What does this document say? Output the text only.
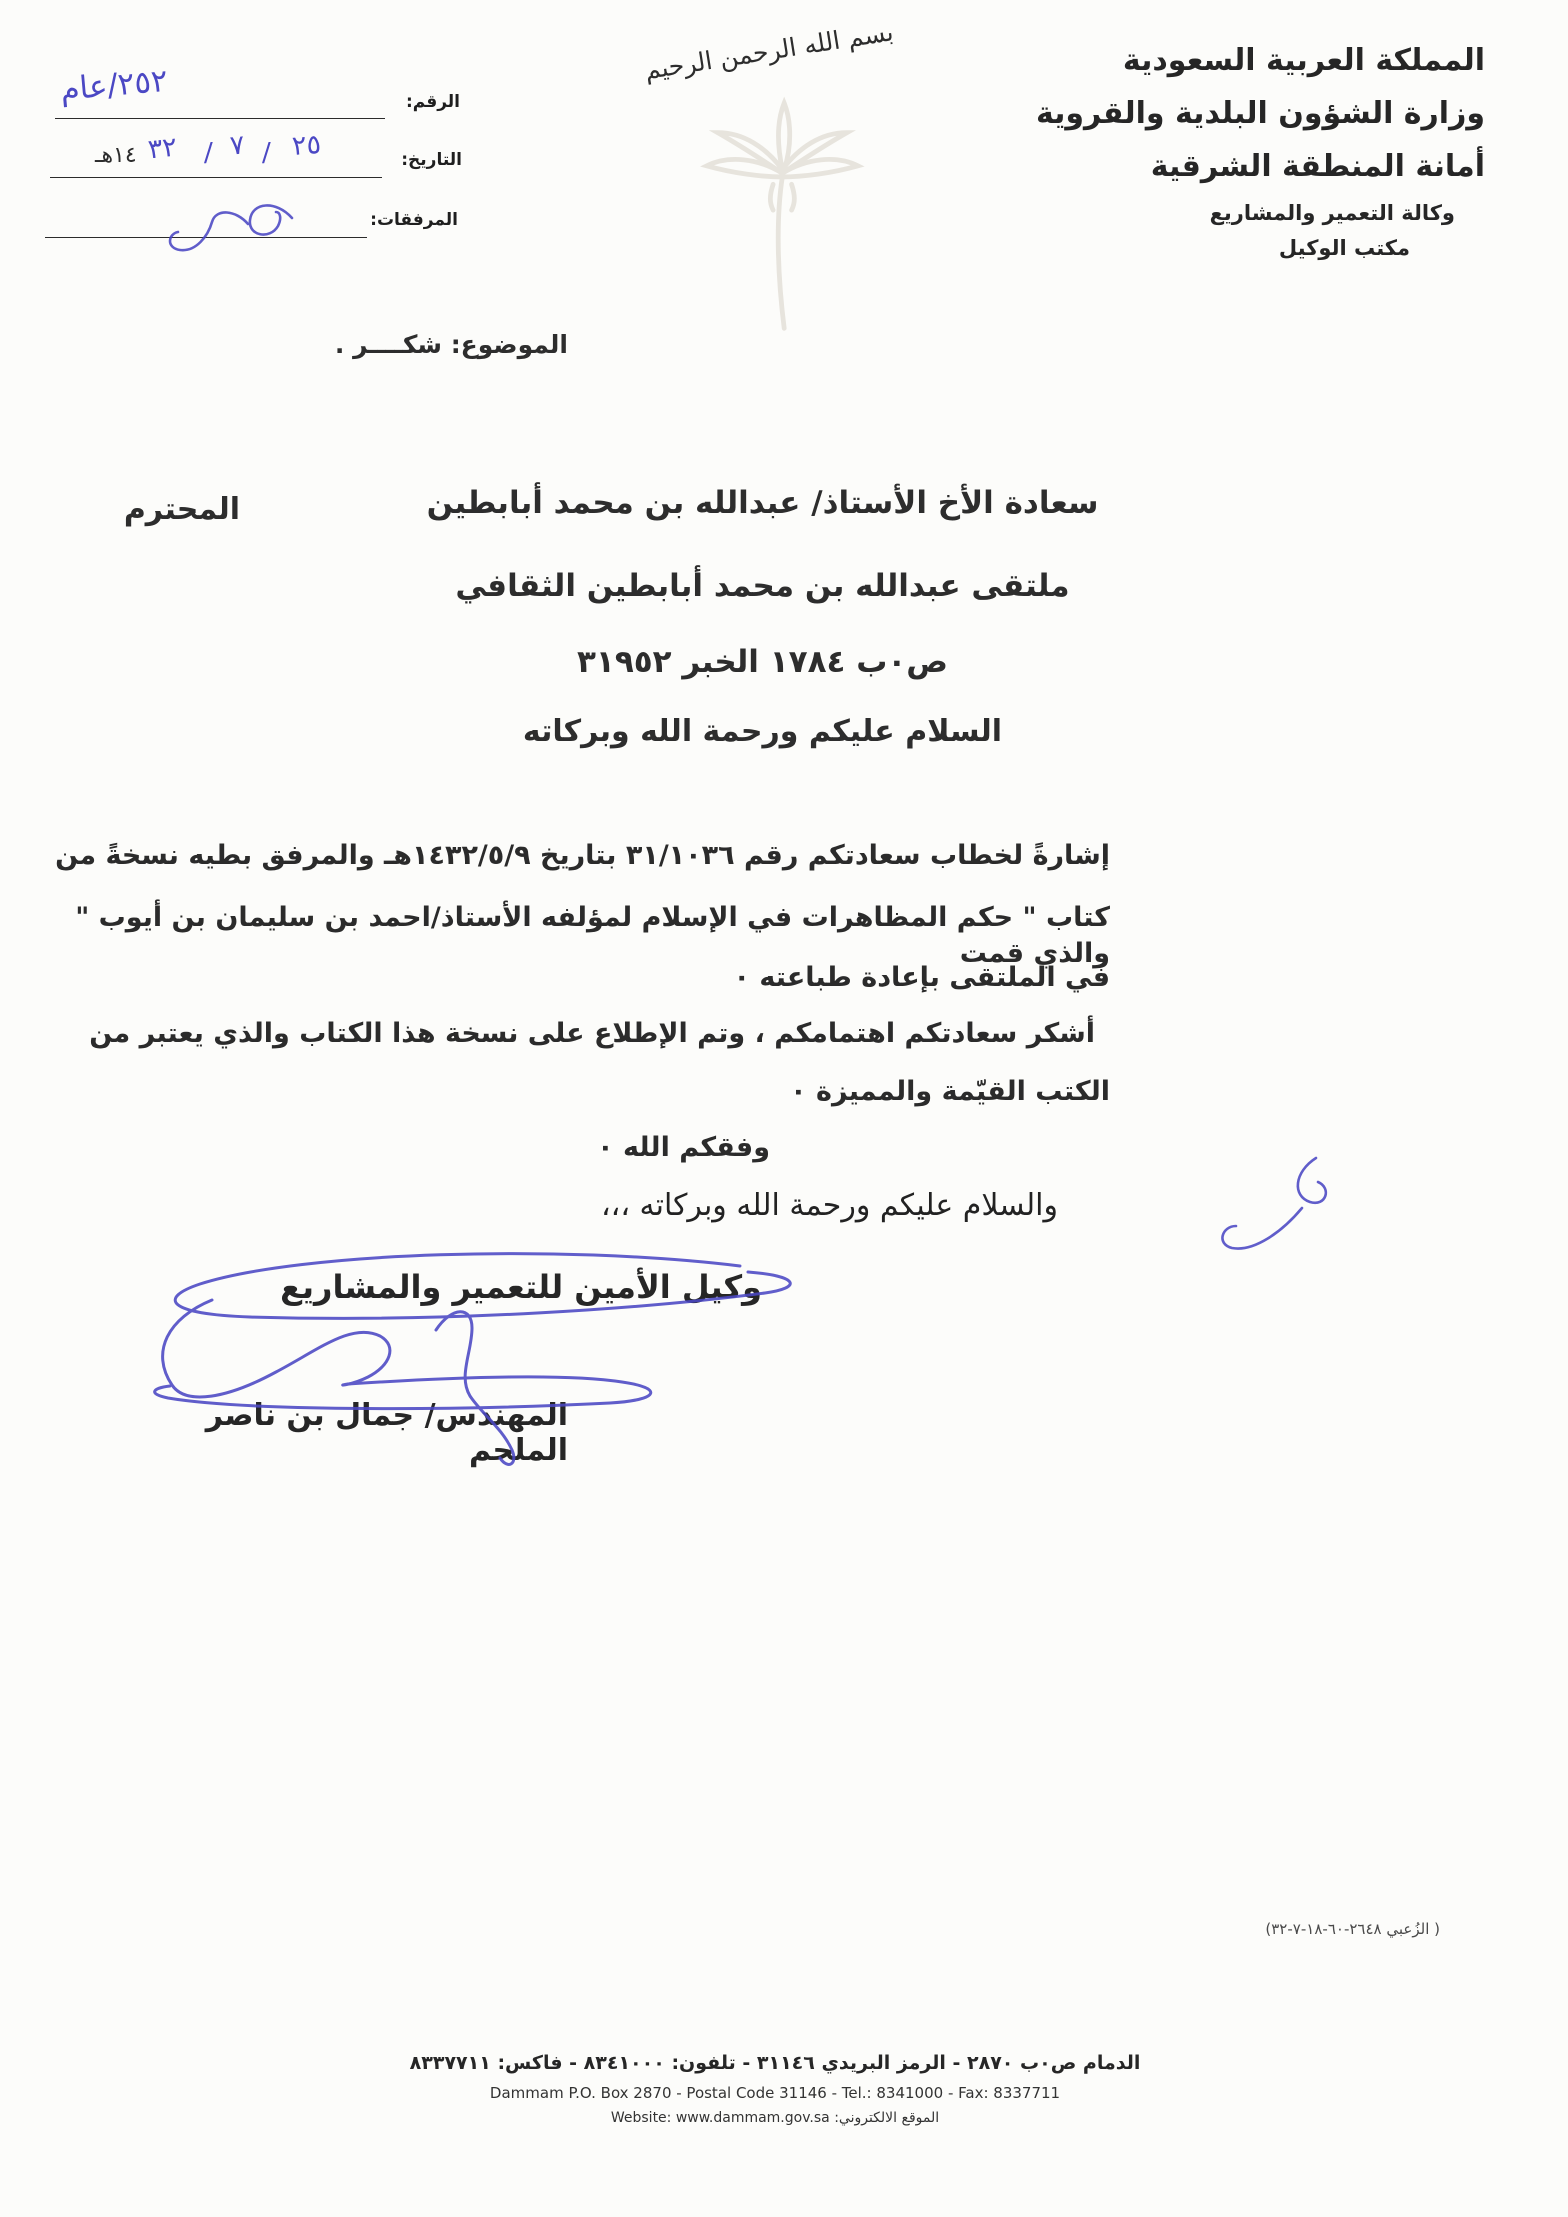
بسم الله الرحمن الرحيم	المملكة العربية السعودية
وزارة الشؤون البلدية والقروية
أمانة المنطقة الشرقية
وكالة التعمير والمشاريع
مكتب الوكيل
الرقم:
٢٥٢/عام
التاريخ:
١٤هـ	٣٢ / ٧ / ٢٥
المرفقات:
الموضوع: شكــــر .
سعادة الأخ الأستاذ/ عبدالله بن محمد أبابطين
المحترم
ملتقى عبدالله بن محمد أبابطين الثقافي
ص٠ب ١٧٨٤ الخبر ٣١٩٥٢
السلام عليكم ورحمة الله وبركاته
إشارةً لخطاب سعادتكم رقم ٣١/١٠٣٦ بتاريخ ١٤٣٢/٥/٩هـ والمرفق بطيه نسخةً من
كتاب " حكم المظاهرات في الإسلام لمؤلفه الأستاذ/احمد بن سليمان بن أيوب " والذي قمت
في الملتقى بإعادة طباعته ٠
أشكر سعادتكم اهتمامكم ، وتم الإطلاع على نسخة هذا الكتاب والذي يعتبر من
الكتب القيّمة والمميزة ٠
وفقكم الله ٠
والسلام عليكم ورحمة الله وبركاته ،،،
وكيل الأمين للتعمير والمشاريع
المهندس/ جمال بن ناصر الملحم
( الزُعبي ٢٦٤٨-٦٠-١٨-٧-٣٢)
الدمام ص٠ب ٢٨٧٠ - الرمز البريدي ٣١١٤٦ - تلفون: ٨٣٤١٠٠٠ - فاكس: ٨٣٣٧٧١١
Dammam P.O. Box 2870 - Postal Code 31146 - Tel.: 8341000 - Fax: 8337711
الموقع الالكتروني: Website: www.dammam.gov.sa
